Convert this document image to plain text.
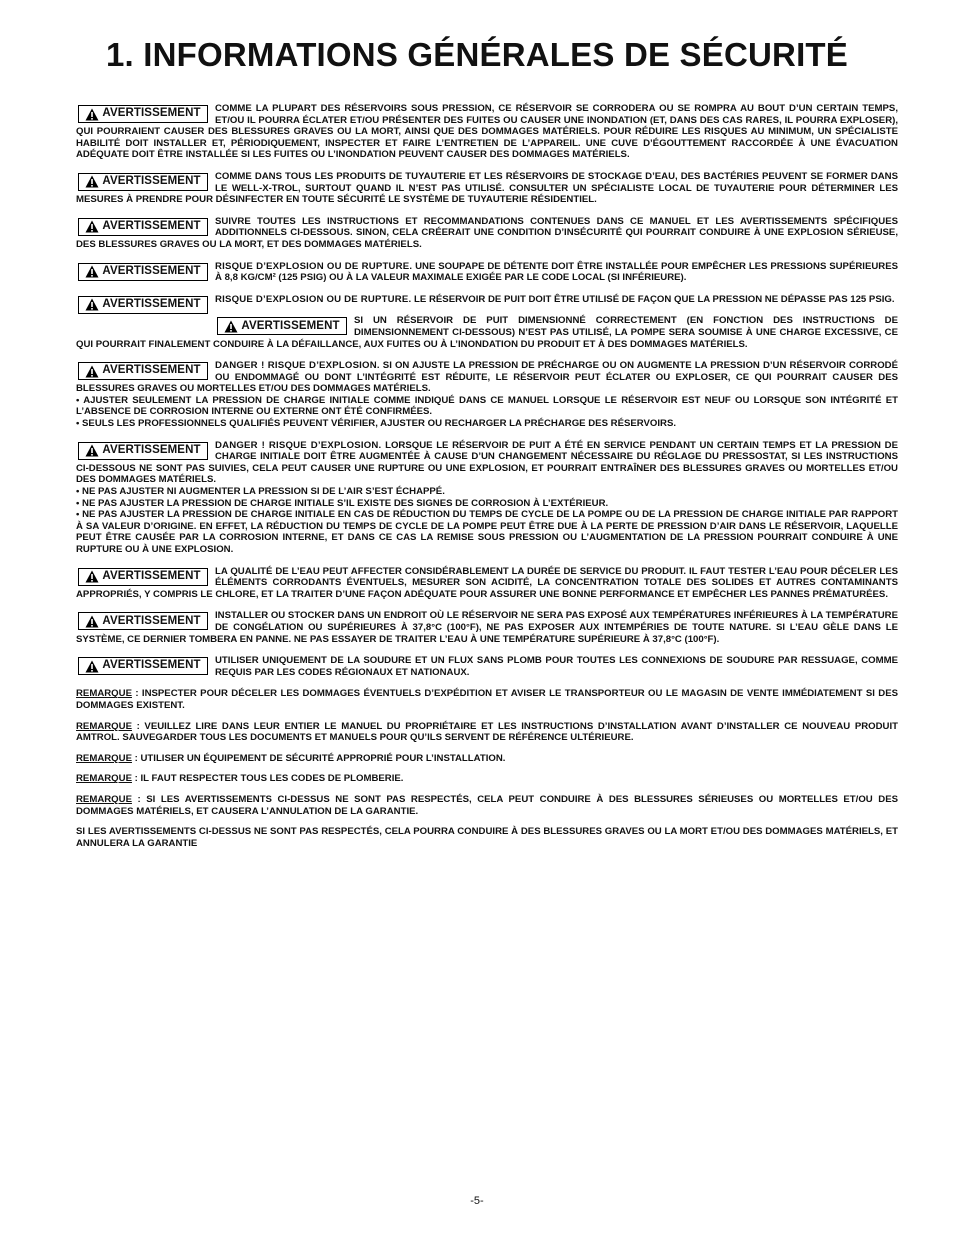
1. INFORMATIONS GÉNÉRALES DE SÉCURITÉ
AVERTISSEMENT COMME LA PLUPART DES RÉSERVOIRS SOUS PRESSION, CE RÉSERVOIR SE CORRODERA OU SE ROMPRA AU BOUT D’UN CERTAIN TEMPS, ET/OU IL POURRA ÉCLATER ET/OU PRÉSENTER DES FUITES OU CAUSER UNE INONDATION (ET, DANS DES CAS RARES, IL POURRA EXPLOSER), QUI POURRAIENT CAUSER DES BLESSURES GRAVES OU LA MORT, AINSI QUE DES DOMMAGES MATÉRIELS. POUR RÉDUIRE LES RISQUES AU MINIMUM, UN SPÉCIALISTE HABILITÉ DOIT INSTALLER ET, PÉRIODIQUEMENT, INSPECTER ET FAIRE L’ENTRETIEN DE L’APPAREIL. UNE CUVE D’ÉGOUTTEMENT RACCORDÉE À UNE ÉVACUATION ADÉQUATE DOIT ÊTRE INSTALLÉE SI LES FUITES OU L’INONDATION PEUVENT CAUSER DES DOMMAGES MATÉRIELS.
AVERTISSEMENT COMME DANS TOUS LES PRODUITS DE TUYAUTERIE ET LES RÉSERVOIRS DE STOCKAGE D’EAU, DES BACTÉRIES PEUVENT SE FORMER DANS LE WELL-X-TROL, SURTOUT QUAND IL N’EST PAS UTILISÉ. CONSULTER UN SPÉCIALISTE LOCAL DE TUYAUTERIE POUR DÉTERMINER LES MESURES À PRENDRE POUR DÉSINFECTER EN TOUTE SÉCURITÉ LE SYSTÈME DE TUYAUTERIE RÉSIDENTIEL.
AVERTISSEMENT SUIVRE TOUTES LES INSTRUCTIONS ET RECOMMANDATIONS CONTENUES DANS CE MANUEL ET LES AVERTISSEMENTS SPÉCIFIQUES ADDITIONNELS CI-DESSOUS. SINON, CELA CRÉERAIT UNE CONDITION D’INSÉCURITÉ QUI POURRAIT CONDUIRE À UNE EXPLOSION SÉRIEUSE, DES BLESSURES GRAVES OU LA MORT, ET DES DOMMAGES MATÉRIELS.
AVERTISSEMENT RISQUE D’EXPLOSION OU DE RUPTURE. UNE SOUPAPE DE DÉTENTE DOIT ÊTRE INSTALLÉE POUR EMPÊCHER LES PRESSIONS SUPÉRIEURES À 8,8 KG/CM² (125 PSIG) OU À LA VALEUR MAXIMALE EXIGÉE PAR LE CODE LOCAL (SI INFÉRIEURE).
AVERTISSEMENT RISQUE D’EXPLOSION OU DE RUPTURE. LE RÉSERVOIR DE PUIT DOIT ÊTRE UTILISÉ DE FAÇON QUE LA PRESSION NE DÉPASSE PAS 125 PSIG.
AVERTISSEMENT SI UN RÉSERVOIR DE PUIT DIMENSIONNÉ CORRECTEMENT (EN FONCTION DES INSTRUCTIONS DE DIMENSIONNEMENT CI-DESSOUS) N’EST PAS UTILISÉ, LA POMPE SERA SOUMISE À UNE CHARGE EXCESSIVE, CE QUI POURRAIT FINALEMENT CONDUIRE À LA DÉFAILLANCE, AUX FUITES OU À L’INONDATION DU PRODUIT ET À DES DOMMAGES MATÉRIELS.
AVERTISSEMENT DANGER ! RISQUE D’EXPLOSION. SI ON AJUSTE LA PRESSION DE PRÉCHARGE OU ON AUGMENTE LA PRESSION D’UN RÉSERVOIR CORRODÉ OU ENDOMMAGÉ OU DONT L’INTÉGRITÉ EST RÉDUITE, LE RÉSERVOIR PEUT ÉCLATER OU EXPLOSER, CE QUI POURRAIT CAUSER DES BLESSURES GRAVES OU MORTELLES ET/OU DES DOMMAGES MATÉRIELS.
• AJUSTER SEULEMENT LA PRESSION DE CHARGE INITIALE COMME INDIQUÉ DANS CE MANUEL LORSQUE LE RÉSERVOIR EST NEUF OU LORSQUE SON INTÉGRITÉ ET L’ABSENCE DE CORROSION INTERNE OU EXTERNE ONT ÉTÉ CONFIRMÉES.
• SEULS LES PROFESSIONNELS QUALIFIÉS PEUVENT VÉRIFIER, AJUSTER OU RECHARGER LA PRÉCHARGE DES RÉSERVOIRS.
AVERTISSEMENT DANGER ! RISQUE D’EXPLOSION. LORSQUE LE RÉSERVOIR DE PUIT A ÉTÉ EN SERVICE PENDANT UN CERTAIN TEMPS ET LA PRESSION DE CHARGE INITIALE DOIT ÊTRE AUGMENTÉE À CAUSE D’UN CHANGEMENT NÉCESSAIRE DU RÉGLAGE DU PRESSOSTAT, SI LES INSTRUCTIONS CI-DESSOUS NE SONT PAS SUIVIES, CELA PEUT CAUSER UNE RUPTURE OU UNE EXPLOSION, ET POURRAIT ENTRAÎNER DES BLESSURES GRAVES OU MORTELLES ET/OU DES DOMMAGES MATÉRIELS.
• NE PAS AJUSTER NI AUGMENTER LA PRESSION SI DE L’AIR S’EST ÉCHAPPÉ.
• NE PAS AJUSTER LA PRESSION DE CHARGE INITIALE S’IL EXISTE DES SIGNES DE CORROSION À L’EXTÉRIEUR.
• NE PAS AJUSTER LA PRESSION DE CHARGE INITIALE EN CAS DE RÉDUCTION DU TEMPS DE CYCLE DE LA POMPE OU DE LA PRESSION DE CHARGE INITIALE PAR RAPPORT À SA VALEUR D’ORIGINE. EN EFFET, LA RÉDUCTION DU TEMPS DE CYCLE DE LA POMPE PEUT ÊTRE DUE À LA PERTE DE PRESSION D’AIR DANS LE RÉSERVOIR, LAQUELLE PEUT ÊTRE CAUSÉE PAR LA CORROSION INTERNE, ET DANS CE CAS LA REMISE SOUS PRESSION OU L’AUGMENTATION DE LA PRESSION POURRAIT CONDUIRE À UNE RUPTURE OU À UNE EXPLOSION.
AVERTISSEMENT LA QUALITÉ DE L’EAU PEUT AFFECTER CONSIDÉRABLEMENT LA DURÉE DE SERVICE DU PRODUIT. IL FAUT TESTER L’EAU POUR DÉCELER LES ÉLÉMENTS CORRODANTS ÉVENTUELS, MESURER SON ACIDITÉ, LA CONCENTRATION TOTALE DES SOLIDES ET AUTRES CONTAMINANTS APPROPRIÉS, Y COMPRIS LE CHLORE, ET LA TRAITER D’UNE FAÇON ADÉQUATE POUR ASSURER UNE BONNE PERFORMANCE ET EMPÊCHER LES PANNES PRÉMATURÉES.
AVERTISSEMENT INSTALLER OU STOCKER DANS UN ENDROIT OÙ LE RÉSERVOIR NE SERA PAS EXPOSÉ AUX TEMPÉRATURES INFÉRIEURES À LA TEMPÉRATURE DE CONGÉLATION OU SUPÉRIEURES À 37,8°C (100°F), NE PAS EXPOSER AUX INTEMPÉRIES DE TOUTE NATURE. SI L’EAU GÈLE DANS LE SYSTÈME, CE DERNIER TOMBERA EN PANNE. NE PAS ESSAYER DE TRAITER L’EAU À UNE TEMPÉRATURE SUPÉRIEURE À 37,8°C (100°F).
AVERTISSEMENT UTILISER UNIQUEMENT DE LA SOUDURE ET UN FLUX SANS PLOMB POUR TOUTES LES CONNEXIONS DE SOUDURE PAR RESSUAGE, COMME REQUIS PAR LES CODES RÉGIONAUX ET NATIONAUX.
REMARQUE : INSPECTER POUR DÉCELER LES DOMMAGES ÉVENTUELS D’EXPÉDITION ET AVISER LE TRANSPORTEUR OU LE MAGASIN DE VENTE IMMÉDIATEMENT SI DES DOMMAGES EXISTENT.
REMARQUE : VEUILLEZ LIRE DANS LEUR ENTIER LE MANUEL DU PROPRIÉTAIRE ET LES INSTRUCTIONS D’INSTALLATION AVANT D’INSTALLER CE NOUVEAU PRODUIT AMTROL. SAUVEGARDER TOUS LES DOCUMENTS ET MANUELS POUR QU’ILS SERVENT DE RÉFÉRENCE ULTÉRIEURE.
REMARQUE : UTILISER UN ÉQUIPEMENT DE SÉCURITÉ APPROPRIÉ POUR L’INSTALLATION.
REMARQUE : IL FAUT RESPECTER TOUS LES CODES DE PLOMBERIE.
REMARQUE : SI LES AVERTISSEMENTS CI-DESSUS NE SONT PAS RESPECTÉS, CELA PEUT CONDUIRE À DES BLESSURES SÉRIEUSES OU MORTELLES ET/OU DES DOMMAGES MATÉRIELS, ET CAUSERA L’ANNULATION DE LA GARANTIE.
SI LES AVERTISSEMENTS CI-DESSUS NE SONT PAS RESPECTÉS, CELA POURRA CONDUIRE À DES BLESSURES GRAVES OU LA MORT ET/OU DES DOMMAGES MATÉRIELS, ET ANNULERA LA GARANTIE
-5-
